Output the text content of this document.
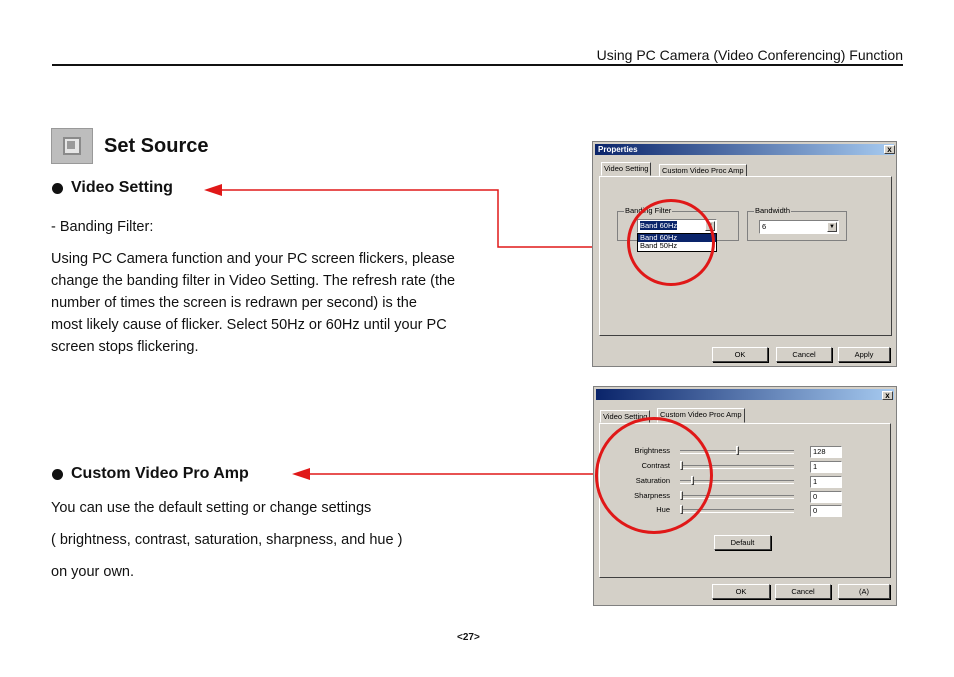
Using PC Camera (Video Conferencing) Function
Set Source
Video Setting
- Banding Filter:
Using PC Camera function and your PC screen flickers, please
change the banding filter in Video Setting. The refresh rate (the
number of times the screen is redrawn per second) is the
most likely cause of flicker. Select 50Hz or 60Hz until your PC
screen stops flickering.
Custom Video Pro Amp
You can use the default setting or change settings
( brightness, contrast, saturation, sharpness, and hue )
on your own.
Properties	x
Video Setting	Custom Video Proc Amp
Banding Filter
Band 60Hz	▼
Band 60Hz
Band 50Hz
Bandwidth
6	▼
OK	Cancel	Apply
x
Video Setting	Custom Video Proc Amp
Brightness	128
Contrast	1
Saturation	1
Sharpness	0
Hue	0
Default
OK	Cancel	(A)
<27>
